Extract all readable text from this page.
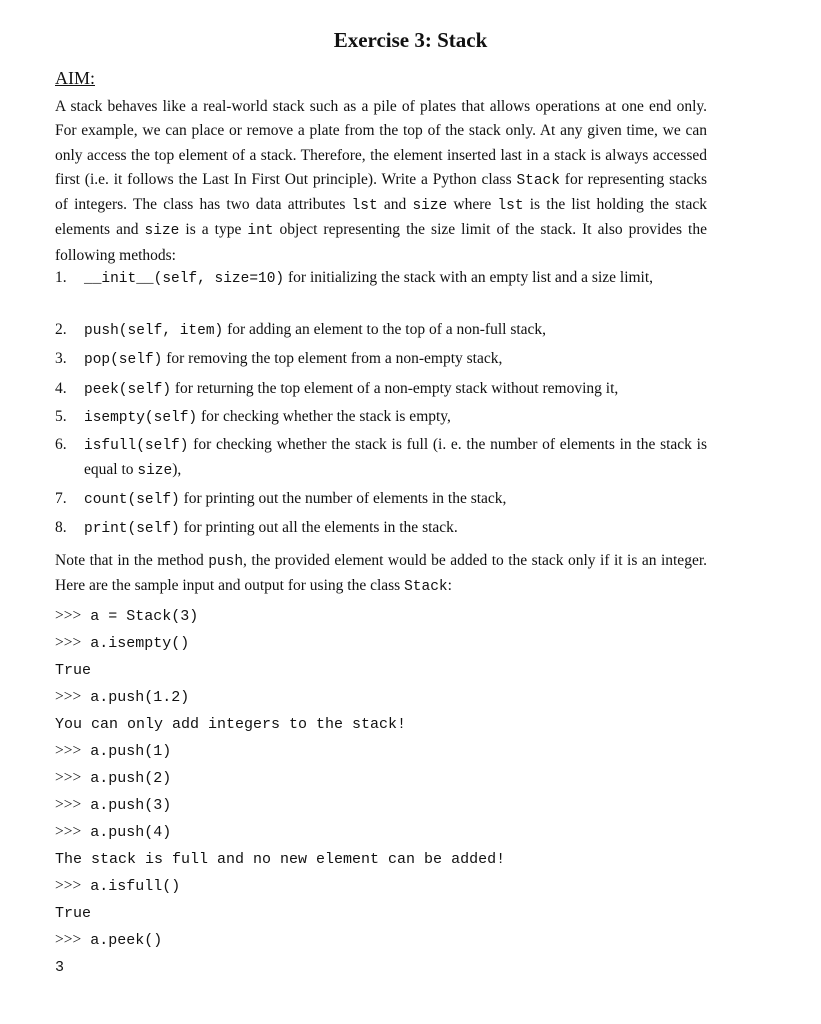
Exercise 3: Stack
AIM:
A stack behaves like a real-world stack such as a pile of plates that allows operations at one end only. For example, we can place or remove a plate from the top of the stack only. At any given time, we can only access the top element of a stack. Therefore, the element inserted last in a stack is always accessed first (i.e. it follows the Last In First Out principle). Write a Python class Stack for representing stacks of integers. The class has two data attributes lst and size where lst is the list holding the stack elements and size is a type int object representing the size limit of the stack. It also provides the following methods:
1.	__init__(self, size=10) for initializing the stack with an empty list and a size limit,
2.	push(self, item) for adding an element to the top of a non-full stack,
3.	pop(self) for removing the top element from a non-empty stack,
4.	peek(self) for returning the top element of a non-empty stack without removing it,
5.	isempty(self) for checking whether the stack is empty,
6.	isfull(self) for checking whether the stack is full (i. e. the number of elements in the stack is equal to size),
7.	count(self) for printing out the number of elements in the stack,
8.	print(self) for printing out all the elements in the stack.
Note that in the method push, the provided element would be added to the stack only if it is an integer. Here are the sample input and output for using the class Stack:
>>> a = Stack(3)
>>> a.isempty()
True
>>> a.push(1.2)
You can only add integers to the stack!
>>> a.push(1)
>>> a.push(2)
>>> a.push(3)
>>> a.push(4)
The stack is full and no new element can be added!
>>> a.isfull()
True
>>> a.peek()
3
